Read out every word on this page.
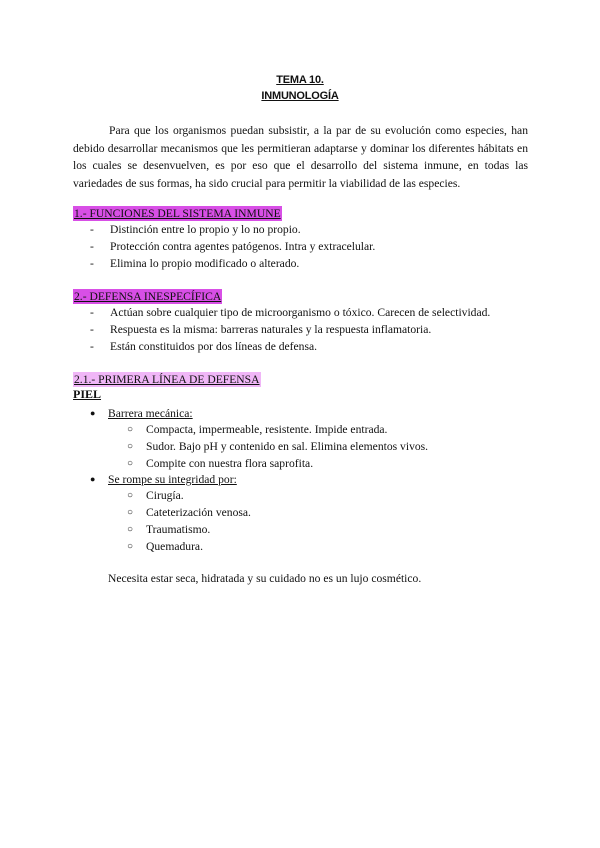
TEMA 10.
INMUNOLOGÍA

Para que los organismos puedan subsistir, a la par de su evolución como especies, han debido desarrollar mecanismos que les permitieran adaptarse y dominar los diferentes hábitats en los cuales se desenvuelven, es por eso que el desarrollo del sistema inmune, en todas las variedades de sus formas, ha sido crucial para permitir la viabilidad de las especies.

1.- FUNCIONES DEL SISTEMA INMUNE
- Distinción entre lo propio y lo no propio.
- Protección contra agentes patógenos. Intra y extracelular.
- Elimina lo propio modificado o alterado.
2.- DEFENSA INESPECÍFICA
- Actúan sobre cualquier tipo de microorganismo o tóxico. Carecen de selectividad.
- Respuesta es la misma: barreras naturales y la respuesta inflamatoria.
- Están constituidos por dos líneas de defensa.
2.1.- PRIMERA LÍNEA DE DEFENSA
PIEL
● Barrera mecánica:
○ Compacta, impermeable, resistente. Impide entrada.
○ Sudor. Bajo pH y contenido en sal. Elimina elementos vivos.
○ Compite con nuestra flora saprofita.
● Se rompe su integridad por:
○ Cirugía.
○ Cateterización venosa.
○ Traumatismo.
○ Quemadura.
Necesita estar seca, hidratada y su cuidado no es un lujo cosmético.
